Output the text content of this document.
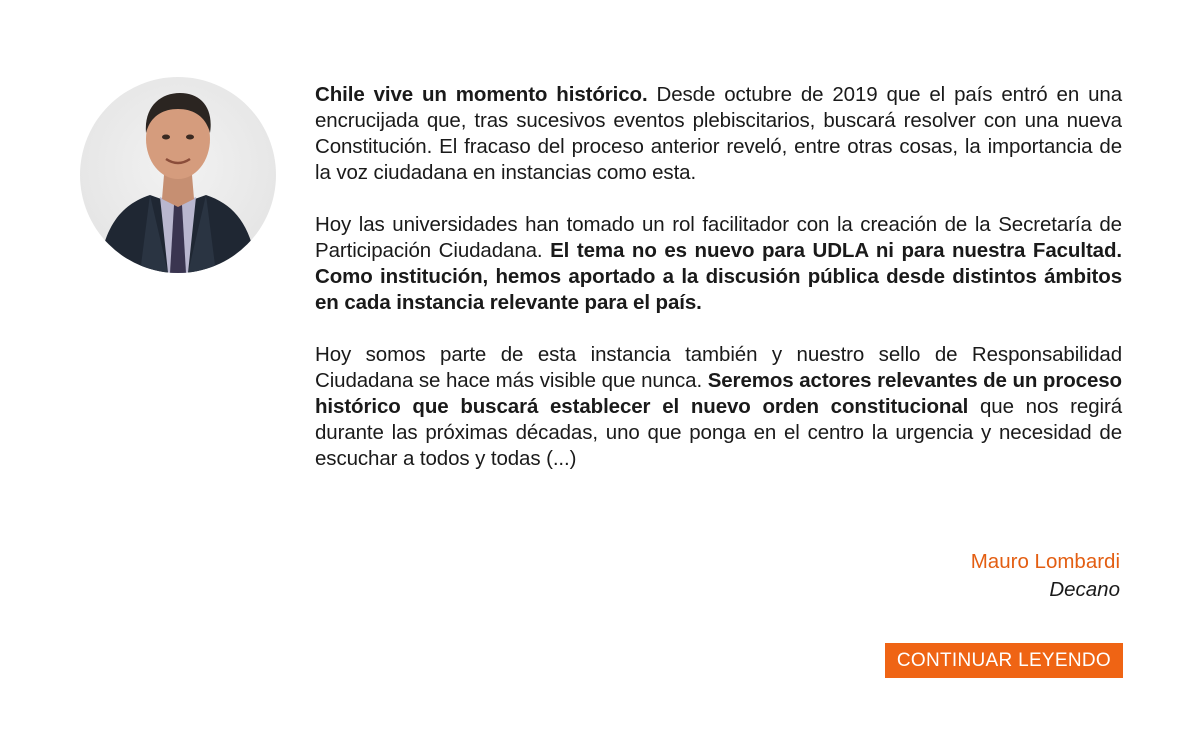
Chile vive un momento histórico. Desde octubre de 2019 que el país entró en una encrucijada que, tras sucesivos eventos plebiscitarios, buscará resolver con una nueva Constitución. El fracaso del proceso anterior reveló, entre otras cosas, la importancia de la voz ciudadana en instancias como esta.

Hoy las universidades han tomado un rol facilitador con la creación de la Secretaría de Participación Ciudadana. El tema no es nuevo para UDLA ni para nuestra Facultad. Como institución, hemos aportado a la discusión pública desde distintos ámbitos en cada instancia relevante para el país.

Hoy somos parte de esta instancia también y nuestro sello de Responsabilidad Ciudadana se hace más visible que nunca. Seremos actores relevantes de un proceso histórico que buscará establecer el nuevo orden constitucional que nos regirá durante las próximas décadas, uno que ponga en el centro la urgencia y necesidad de escuchar a todos y todas (...)

Mauro Lombardi
Decano
CONTINUAR LEYENDO
